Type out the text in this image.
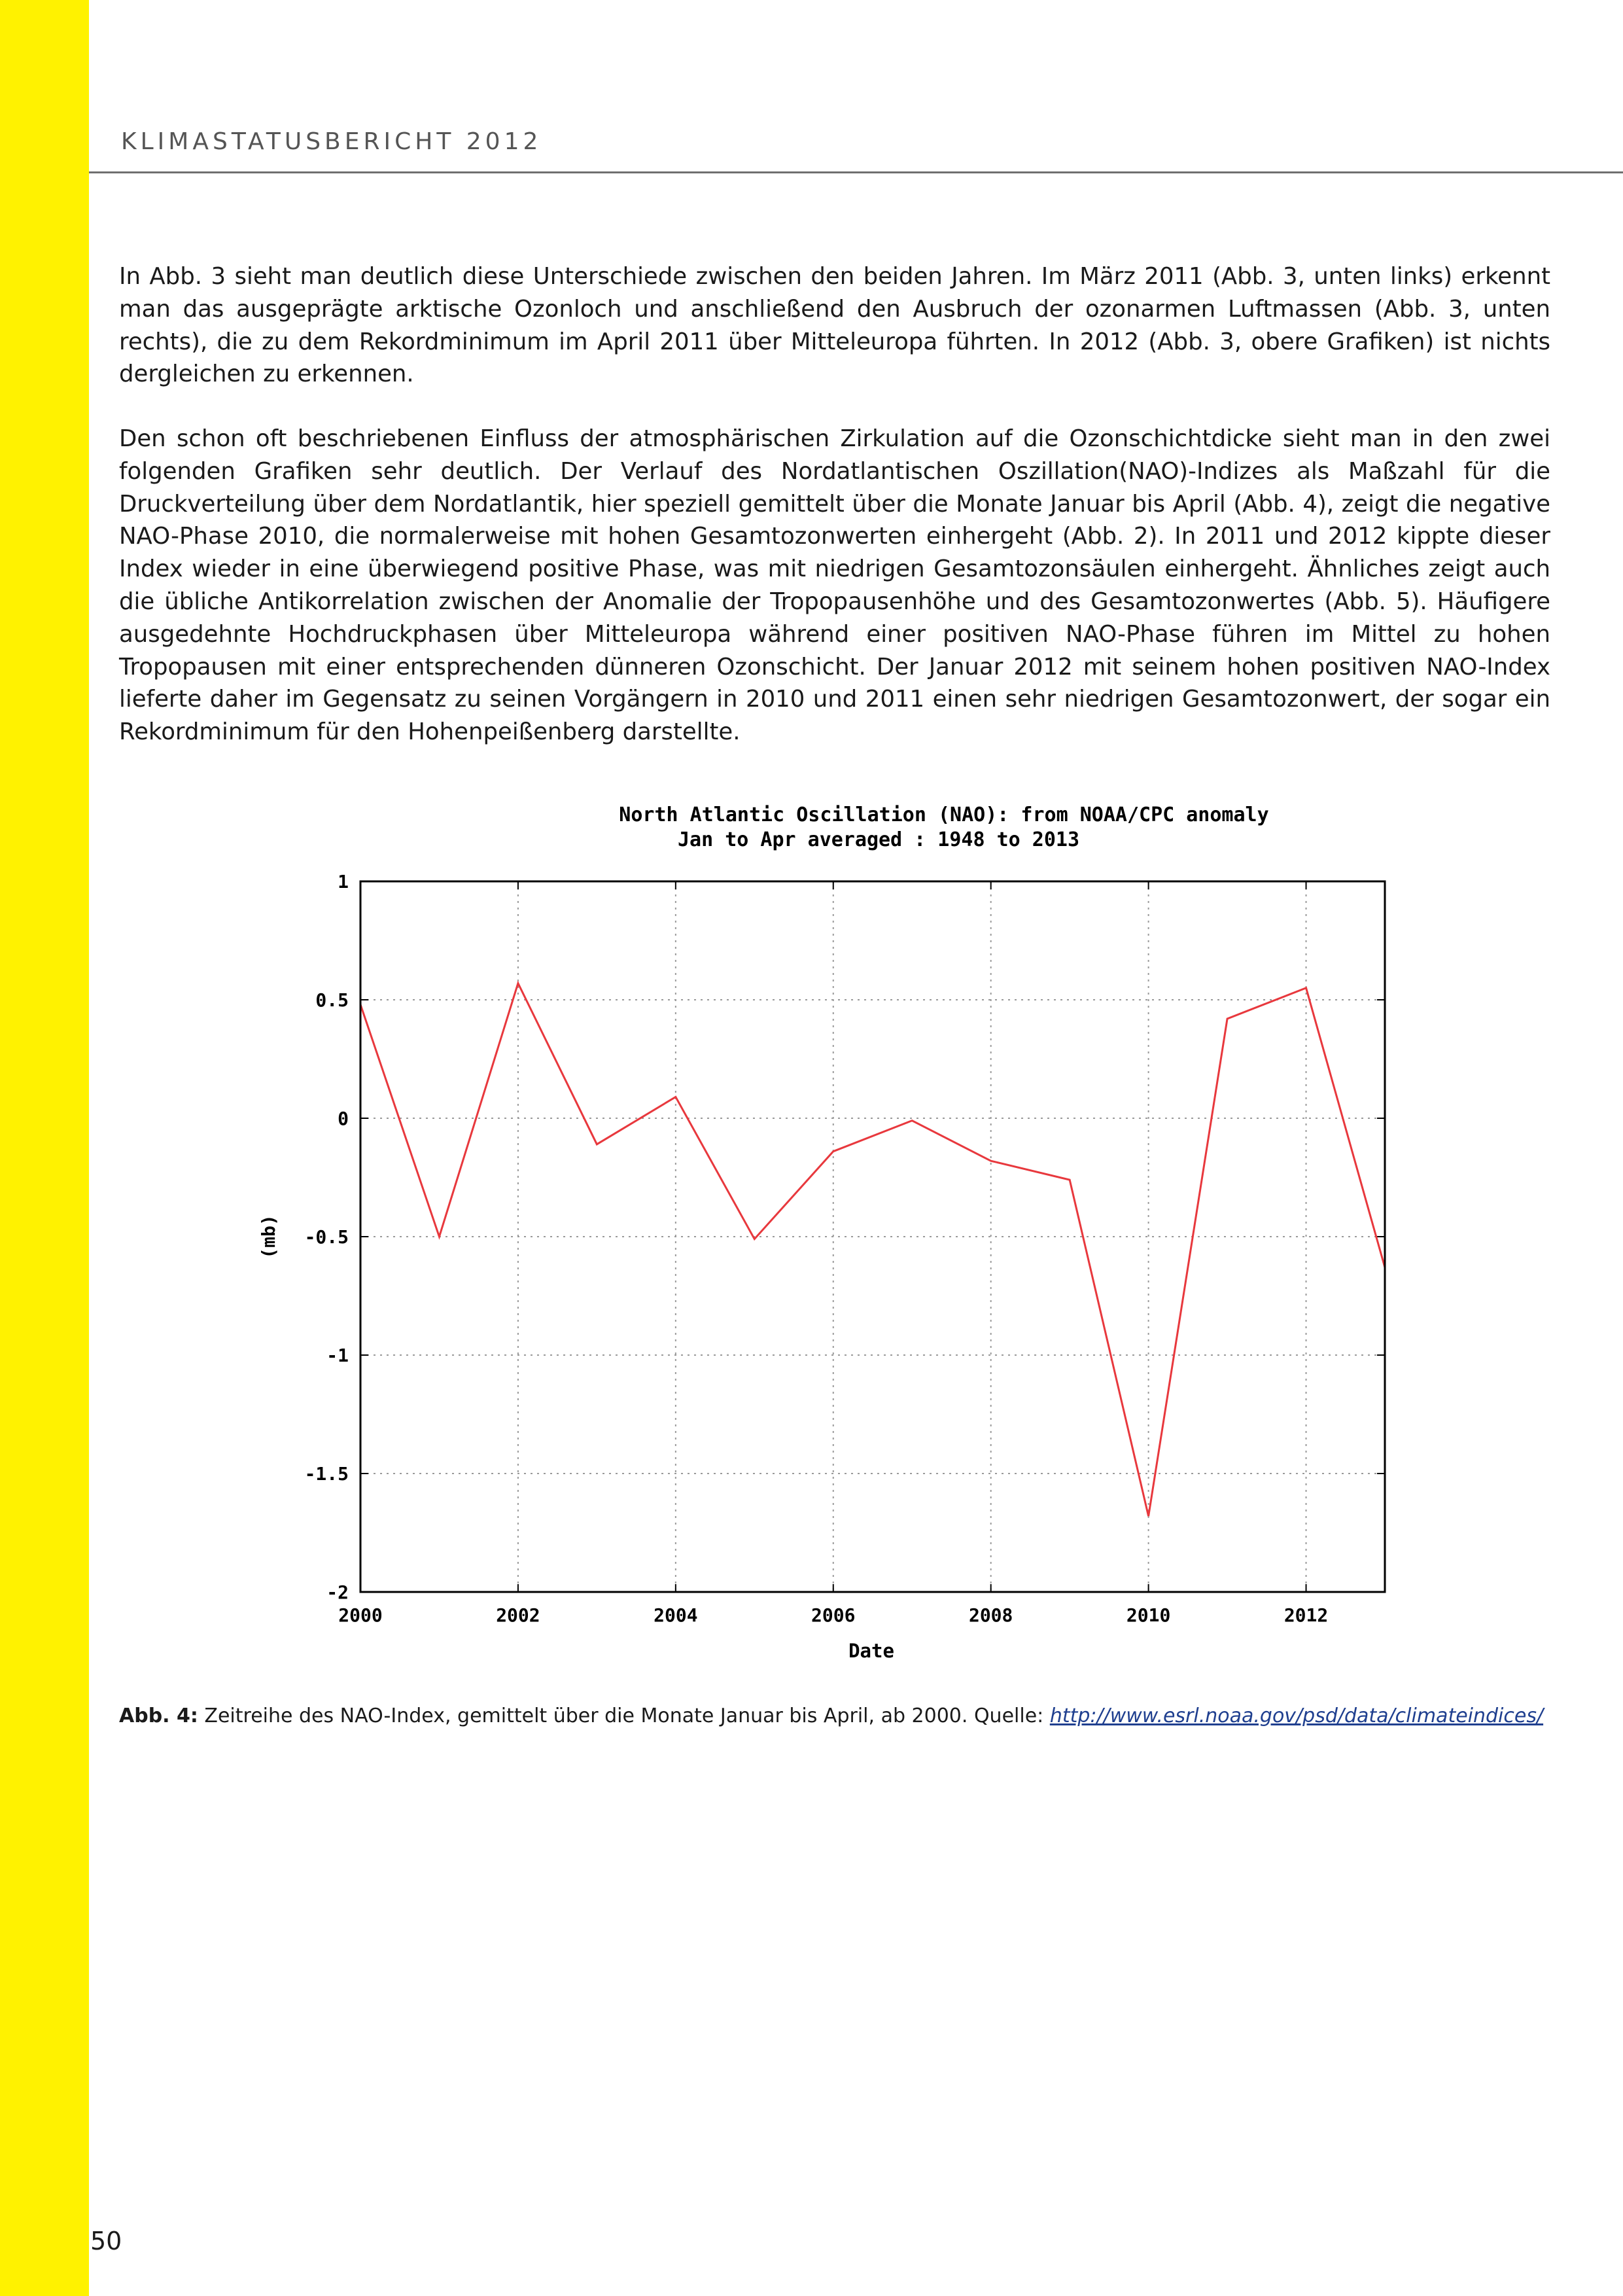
KLIMASTATUSBERICHT 2012

In Abb. 3 sieht man deutlich diese Unterschiede zwischen den beiden Jahren. Im März 2011 (Abb. 3, unten links) erkennt man das ausgeprägte arktische Ozonloch und anschließend den Ausbruch der ozonarmen Luftmassen (Abb. 3, unten rechts), die zu dem Rekordminimum im April 2011 über Mitteleuropa führten. In 2012 (Abb. 3, obere Grafiken) ist nichts dergleichen zu erkennen.

Den schon oft beschriebenen Einfluss der atmosphärischen Zirkulation auf die Ozonschichtdicke sieht man in den zwei folgenden Grafiken sehr deutlich. Der Verlauf des Nordatlantischen Oszillation(NAO)-Indizes als Maßzahl für die Druckverteilung über dem Nordatlantik, hier speziell gemittelt über die Monate Januar bis April (Abb. 4), zeigt die negative NAO-Phase 2010, die normalerweise mit hohen Gesamtozonwerten einhergeht (Abb. 2). In 2011 und 2012 kippte dieser Index wieder in eine überwiegend positive Phase, was mit niedrigen Gesamtozonsäulen einhergeht. Ähnliches zeigt auch die übliche Antikorrelation zwischen der Anomalie der Tropopausenhöhe und des Gesamtozonwertes (Abb. 5). Häufigere ausgedehnte Hochdruckphasen über Mitteleuropa während einer positiven NAO-Phase führen im Mittel zu hohen Tropopausen mit einer entsprechenden dünneren Ozonschicht. Der Januar 2012 mit seinem hohen positiven NAO-Index lieferte daher im Gegensatz zu seinen Vorgängern in 2010 und 2011 einen sehr niedrigen Gesamtozonwert, der sogar ein Rekordminimum für den Hohenpeißenberg darstellte.

North Atlantic Oscillation (NAO): from NOAA/CPC anomaly
Jan to Apr averaged : 1948 to 2013
-2
-1.5
-1
-0.5
0
0.5
1
2000	2002	2004	2006	2008	2010	2012
(mb)
Date

Abb. 4: Zeitreihe des NAO-Index, gemittelt über die Monate Januar bis April, ab 2000. Quelle: http://www.esrl.noaa.gov/psd/data/climateindices/

50
